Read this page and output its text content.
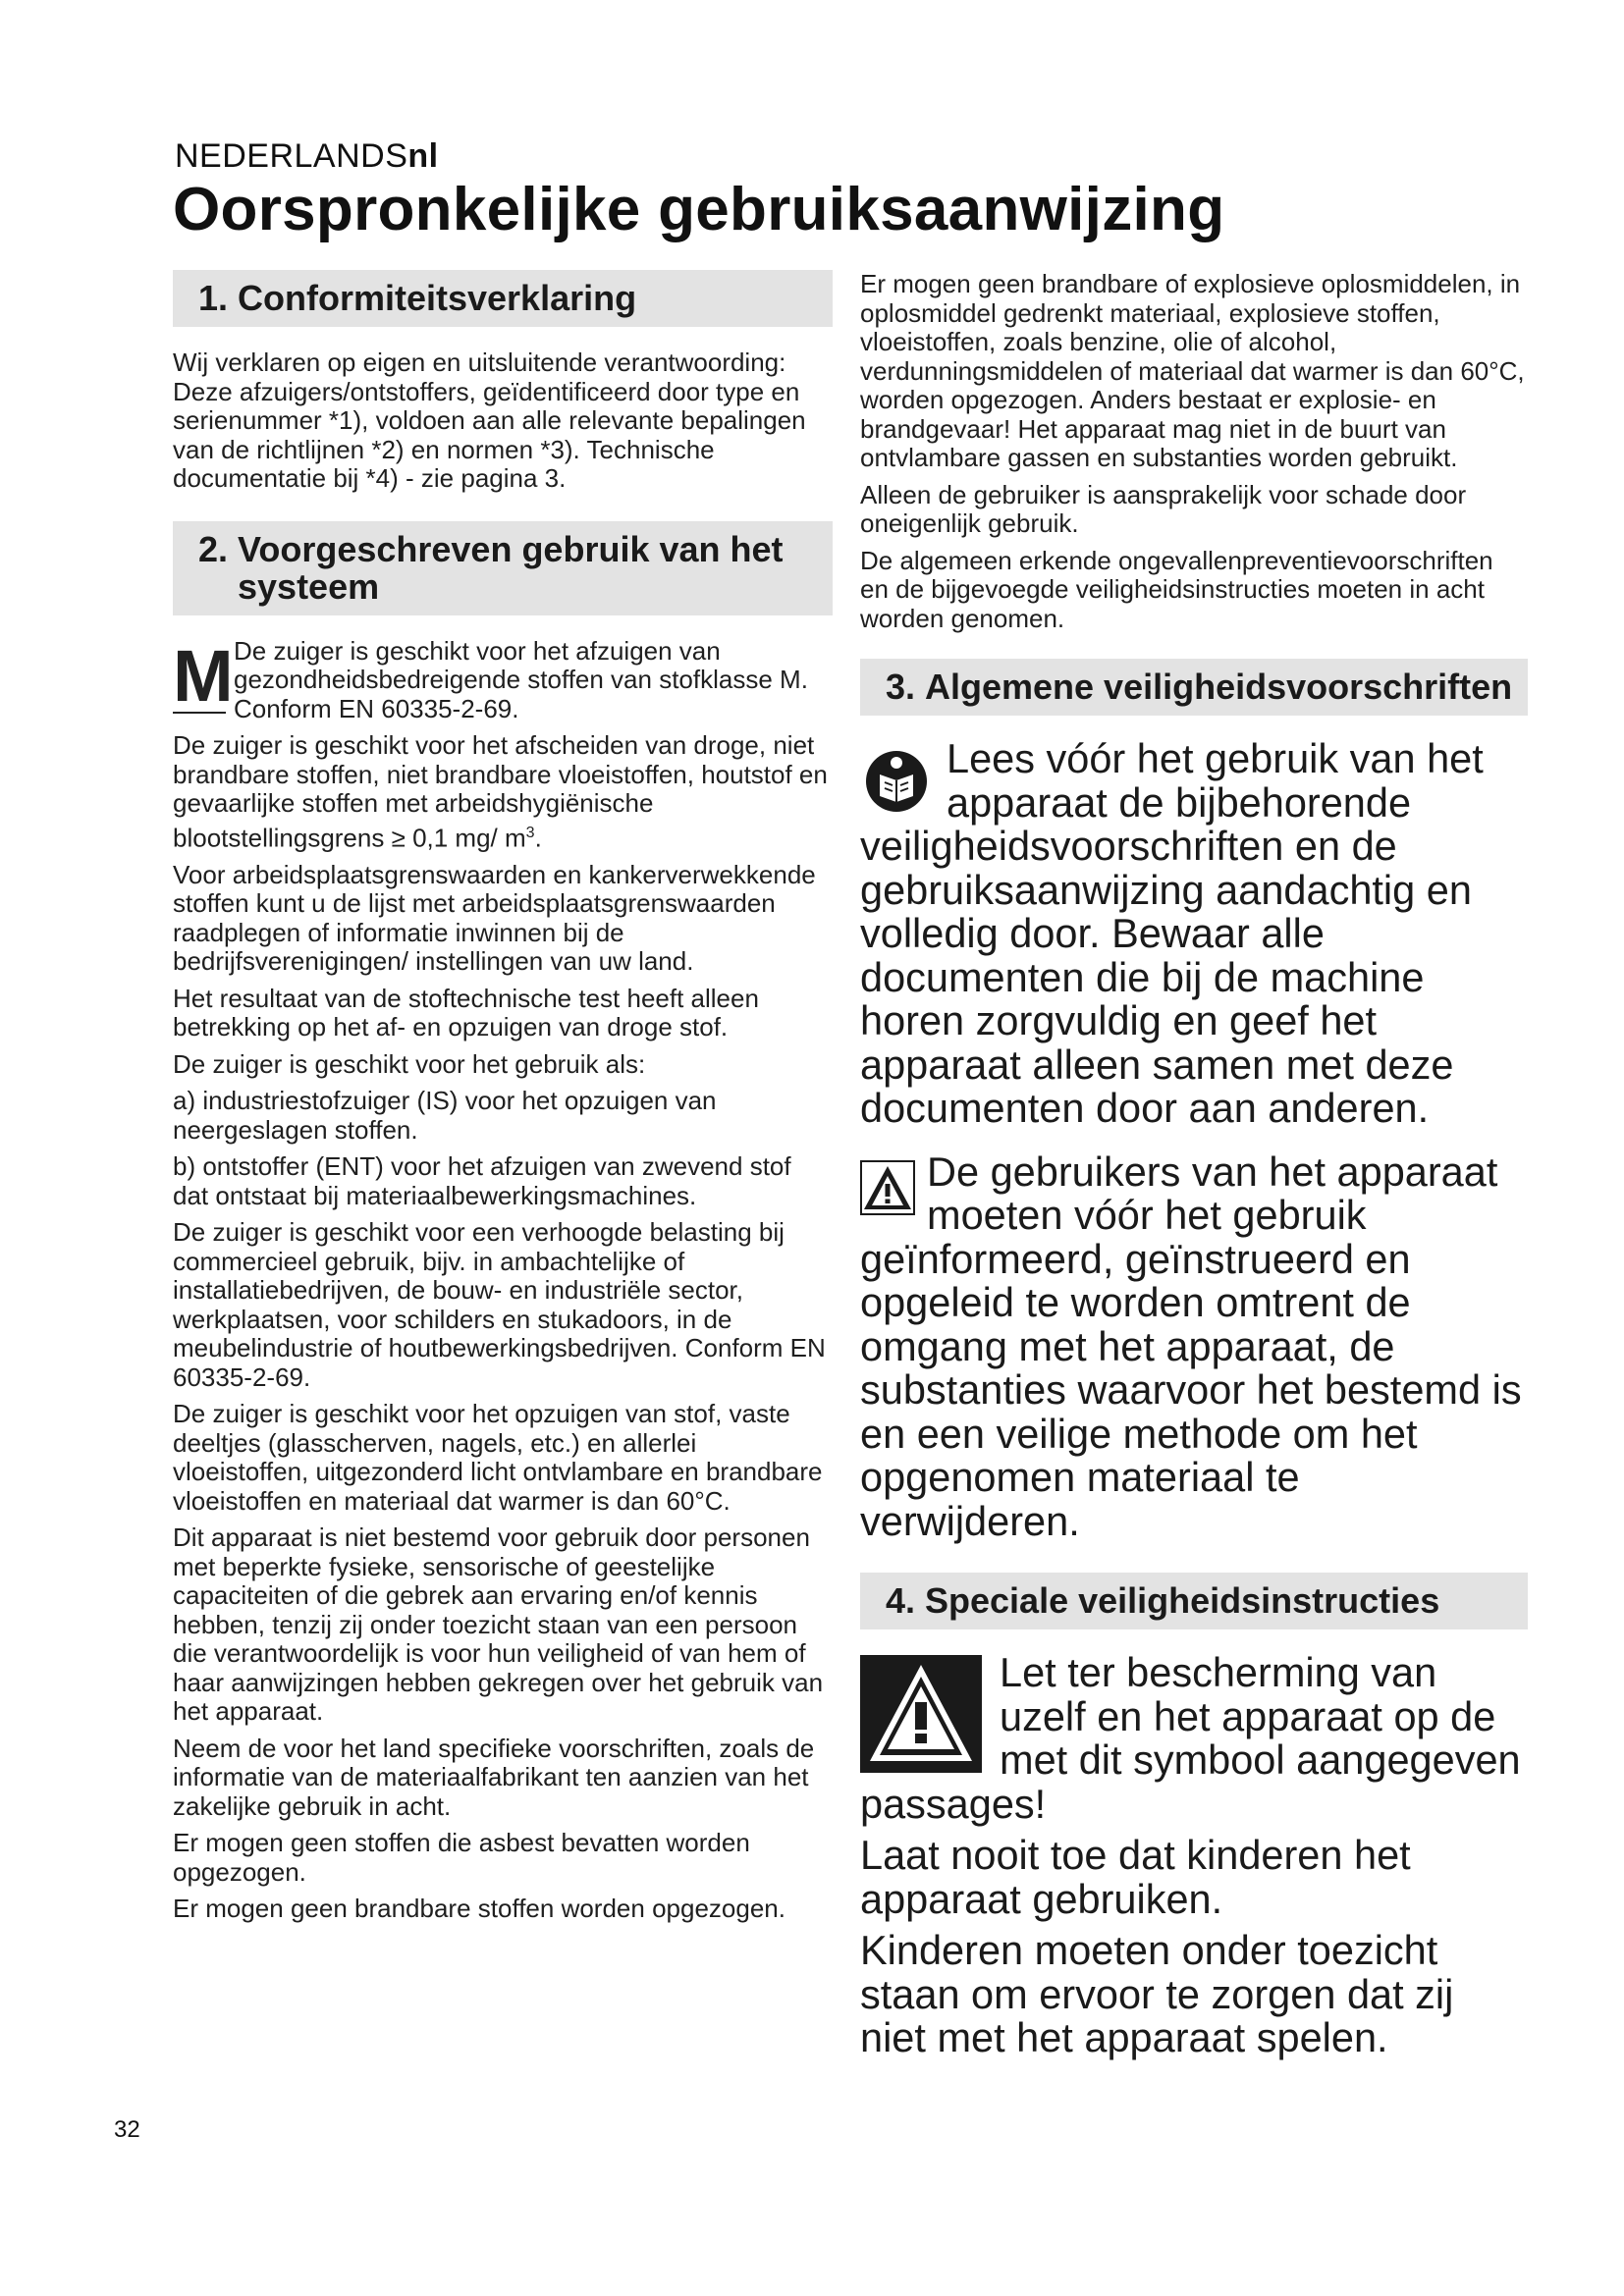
NEDERLANDSnl
Oorspronkelijke gebruiksaanwijzing
1. Conformiteitsverklaring

Wij verklaren op eigen en uitsluitende verantwoording: Deze afzuigers/ontstoffers, geïdentificeerd door type en serienummer *1), voldoen aan alle relevante bepalingen van de richtlijnen *2) en normen *3). Technische documentatie bij *4) - zie pagina 3.

2. Voorgeschreven gebruik van het systeem
M De zuiger is geschikt voor het afzuigen van gezondheidsbedreigende stoffen van stofklasse M. Conform EN 60335-2-69.

De zuiger is geschikt voor het afscheiden van droge, niet brandbare stoffen, niet brandbare vloeistoffen, houtstof en gevaarlijke stoffen met arbeidshygiënische blootstellingsgrens ≥ 0,1 mg/ $m^3$.

Voor arbeidsplaatsgrenswaarden en kankerverwekkende stoffen kunt u de lijst met arbeidsplaatsgrenswaarden raadplegen of informatie inwinnen bij de bedrijfsverenigingen/ instellingen van uw land.

Het resultaat van de stoftechnische test heeft alleen betrekking op het af- en opzuigen van droge stof.

De zuiger is geschikt voor het gebruik als:

a) industriestofzuiger (IS) voor het opzuigen van neergeslagen stoffen.

b) ontstoffer (ENT) voor het afzuigen van zwevend stof dat ontstaat bij materiaalbewerkingsmachines.

De zuiger is geschikt voor een verhoogde belasting bij commercieel gebruik, bijv. in ambachtelijke of installatiebedrijven, de bouw- en industriële sector, werkplaatsen, voor schilders en stukadoors, in de meubelindustrie of houtbewerkingsbedrijven. Conform EN 60335-2-69.

De zuiger is geschikt voor het opzuigen van stof, vaste deeltjes (glasscherven, nagels, etc.) en allerlei vloeistoffen, uitgezonderd licht ontvlambare en brandbare vloeistoffen en materiaal dat warmer is dan 60°C.

Dit apparaat is niet bestemd voor gebruik door personen met beperkte fysieke, sensorische of geestelijke capaciteiten of die gebrek aan ervaring en/of kennis hebben, tenzij zij onder toezicht staan van een persoon die verantwoordelijk is voor hun veiligheid of van hem of haar aanwijzingen hebben gekregen over het gebruik van het apparaat.

Neem de voor het land specifieke voorschriften, zoals de informatie van de materiaalfabrikant ten aanzien van het zakelijke gebruik in acht.

Er mogen geen stoffen die asbest bevatten worden opgezogen.

Er mogen geen brandbare stoffen worden opgezogen.

Er mogen geen brandbare of explosieve oplosmiddelen, in oplosmiddel gedrenkt materiaal, explosieve stoffen, vloeistoffen, zoals benzine, olie of alcohol, verdunningsmiddelen of materiaal dat warmer is dan 60°C, worden opgezogen. Anders bestaat er explosie- en brandgevaar! Het apparaat mag niet in de buurt van ontvlambare gassen en substanties worden gebruikt.

Alleen de gebruiker is aansprakelijk voor schade door oneigenlijk gebruik.

De algemeen erkende ongevallenpreventievoorschriften en de bijgevoegde veiligheidsinstructies moeten in acht worden genomen.

3. Algemene veiligheidsvoorschriften

Lees vóór het gebruik van het apparaat de bijbehorende veiligheidsvoorschriften en de gebruiksaanwijzing aandachtig en volledig door. Bewaar alle documenten die bij de machine horen zorgvuldig en geef het apparaat alleen samen met deze documenten door aan anderen.

De gebruikers van het apparaat moeten vóór het gebruik geïnformeerd, geïnstrueerd en opgeleid te worden omtrent de omgang met het apparaat, de substanties waarvoor het bestemd is en een veilige methode om het opgenomen materiaal te verwijderen.

4. Speciale veiligheidsinstructies

Let ter bescherming van uzelf en het apparaat op de met dit symbool aangegeven passages!

Laat nooit toe dat kinderen het apparaat gebruiken.

Kinderen moeten onder toezicht staan om ervoor te zorgen dat zij niet met het apparaat spelen.

32
